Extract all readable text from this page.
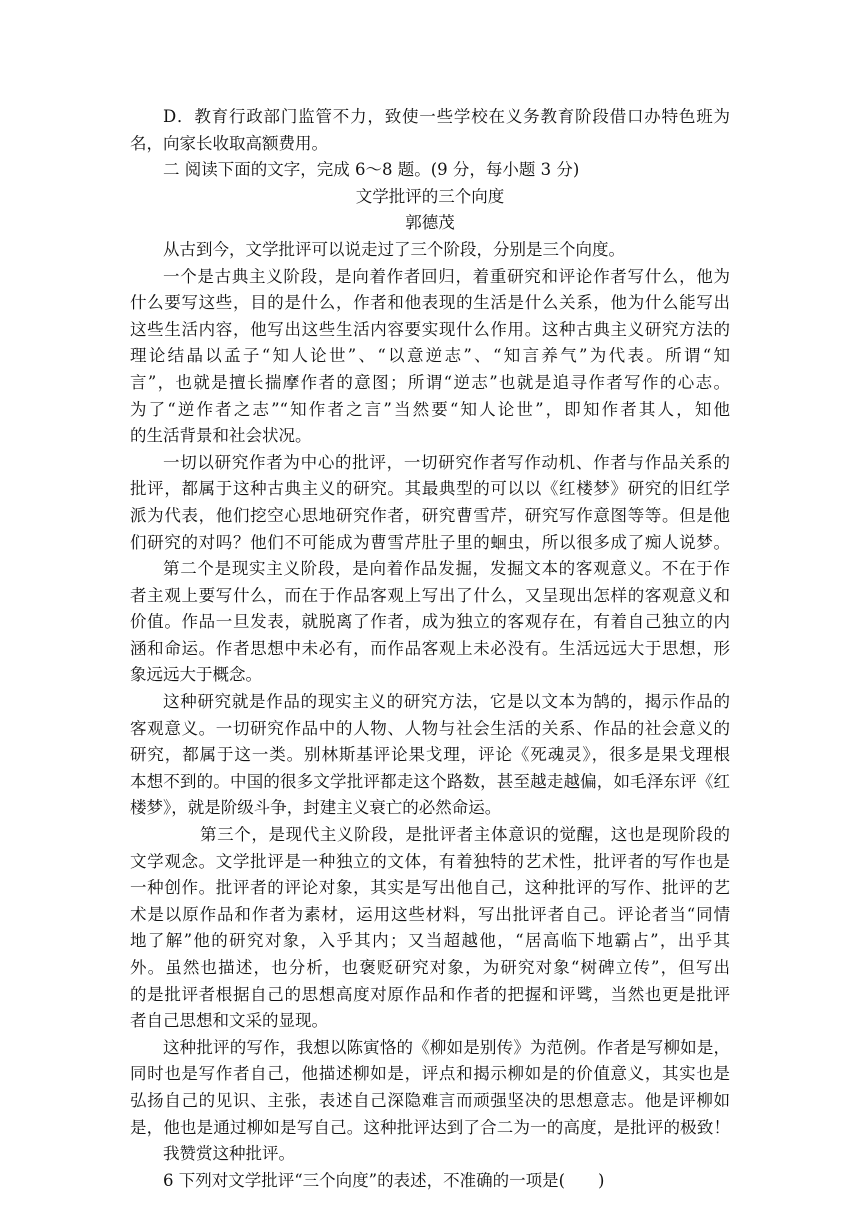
D．教育行政部门监管不力，致使一些学校在义务教育阶段借口办特色班为
名，向家长收取高额费用。
二 阅读下面的文字，完成 6～8 题。(9 分，每小题 3 分)
文学批评的三个向度
郭德茂
从古到今，文学批评可以说走过了三个阶段，分别是三个向度。
一个是古典主义阶段，是向着作者回归，着重研究和评论作者写什么，他为
什么要写这些，目的是什么，作者和他表现的生活是什么关系，他为什么能写出
这些生活内容，他写出这些生活内容要实现什么作用。这种古典主义研究方法的
理论结晶以孟子“知人论世”、“以意逆志”、“知言养气”为代表。所谓“知
言”，也就是擅长揣摩作者的意图；所谓“逆志”也就是追寻作者写作的心志。
为了“逆作者之志”“知作者之言”当然要“知人论世”，即知作者其人，知他
的生活背景和社会状况。
一切以研究作者为中心的批评，一切研究作者写作动机、作者与作品关系的
批评，都属于这种古典主义的研究。其最典型的可以以《红楼梦》研究的旧红学
派为代表，他们挖空心思地研究作者，研究曹雪芹，研究写作意图等等。但是他
们研究的对吗？他们不可能成为曹雪芹肚子里的蛔虫，所以很多成了痴人说梦。
第二个是现实主义阶段，是向着作品发掘，发掘文本的客观意义。不在于作
者主观上要写什么，而在于作品客观上写出了什么，又呈现出怎样的客观意义和
价值。作品一旦发表，就脱离了作者，成为独立的客观存在，有着自己独立的内
涵和命运。作者思想中未必有，而作品客观上未必没有。生活远远大于思想，形
象远远大于概念。
这种研究就是作品的现实主义的研究方法，它是以文本为鹄的，揭示作品的
客观意义。一切研究作品中的人物、人物与社会生活的关系、作品的社会意义的
研究，都属于这一类。别林斯基评论果戈理，评论《死魂灵》，很多是果戈理根
本想不到的。中国的很多文学批评都走这个路数，甚至越走越偏，如毛泽东评《红
楼梦》，就是阶级斗争，封建主义衰亡的必然命运。
第三个，是现代主义阶段，是批评者主体意识的觉醒，这也是现阶段的
文学观念。文学批评是一种独立的文体，有着独特的艺术性，批评者的写作也是
一种创作。批评者的评论对象，其实是写出他自己，这种批评的写作、批评的艺
术是以原作品和作者为素材，运用这些材料，写出批评者自己。评论者当“同情
地了解”他的研究对象，入乎其内；又当超越他，“居高临下地霸占”，出乎其
外。虽然也描述，也分析，也褒贬研究对象，为研究对象“树碑立传”，但写出
的是批评者根据自己的思想高度对原作品和作者的把握和评骘，当然也更是批评
者自己思想和文采的显现。
这种批评的写作，我想以陈寅恪的《柳如是别传》为范例。作者是写柳如是，
同时也是写作者自己，他描述柳如是，评点和揭示柳如是的价值意义，其实也是
弘扬自己的见识、主张，表述自己深隐难言而顽强坚决的思想意志。他是评柳如
是，他也是通过柳如是写自己。这种批评达到了合二为一的高度，是批评的极致！
我赞赏这种批评。
6 下列对文学批评“三个向度”的表述，不准确的一项是(　　)
